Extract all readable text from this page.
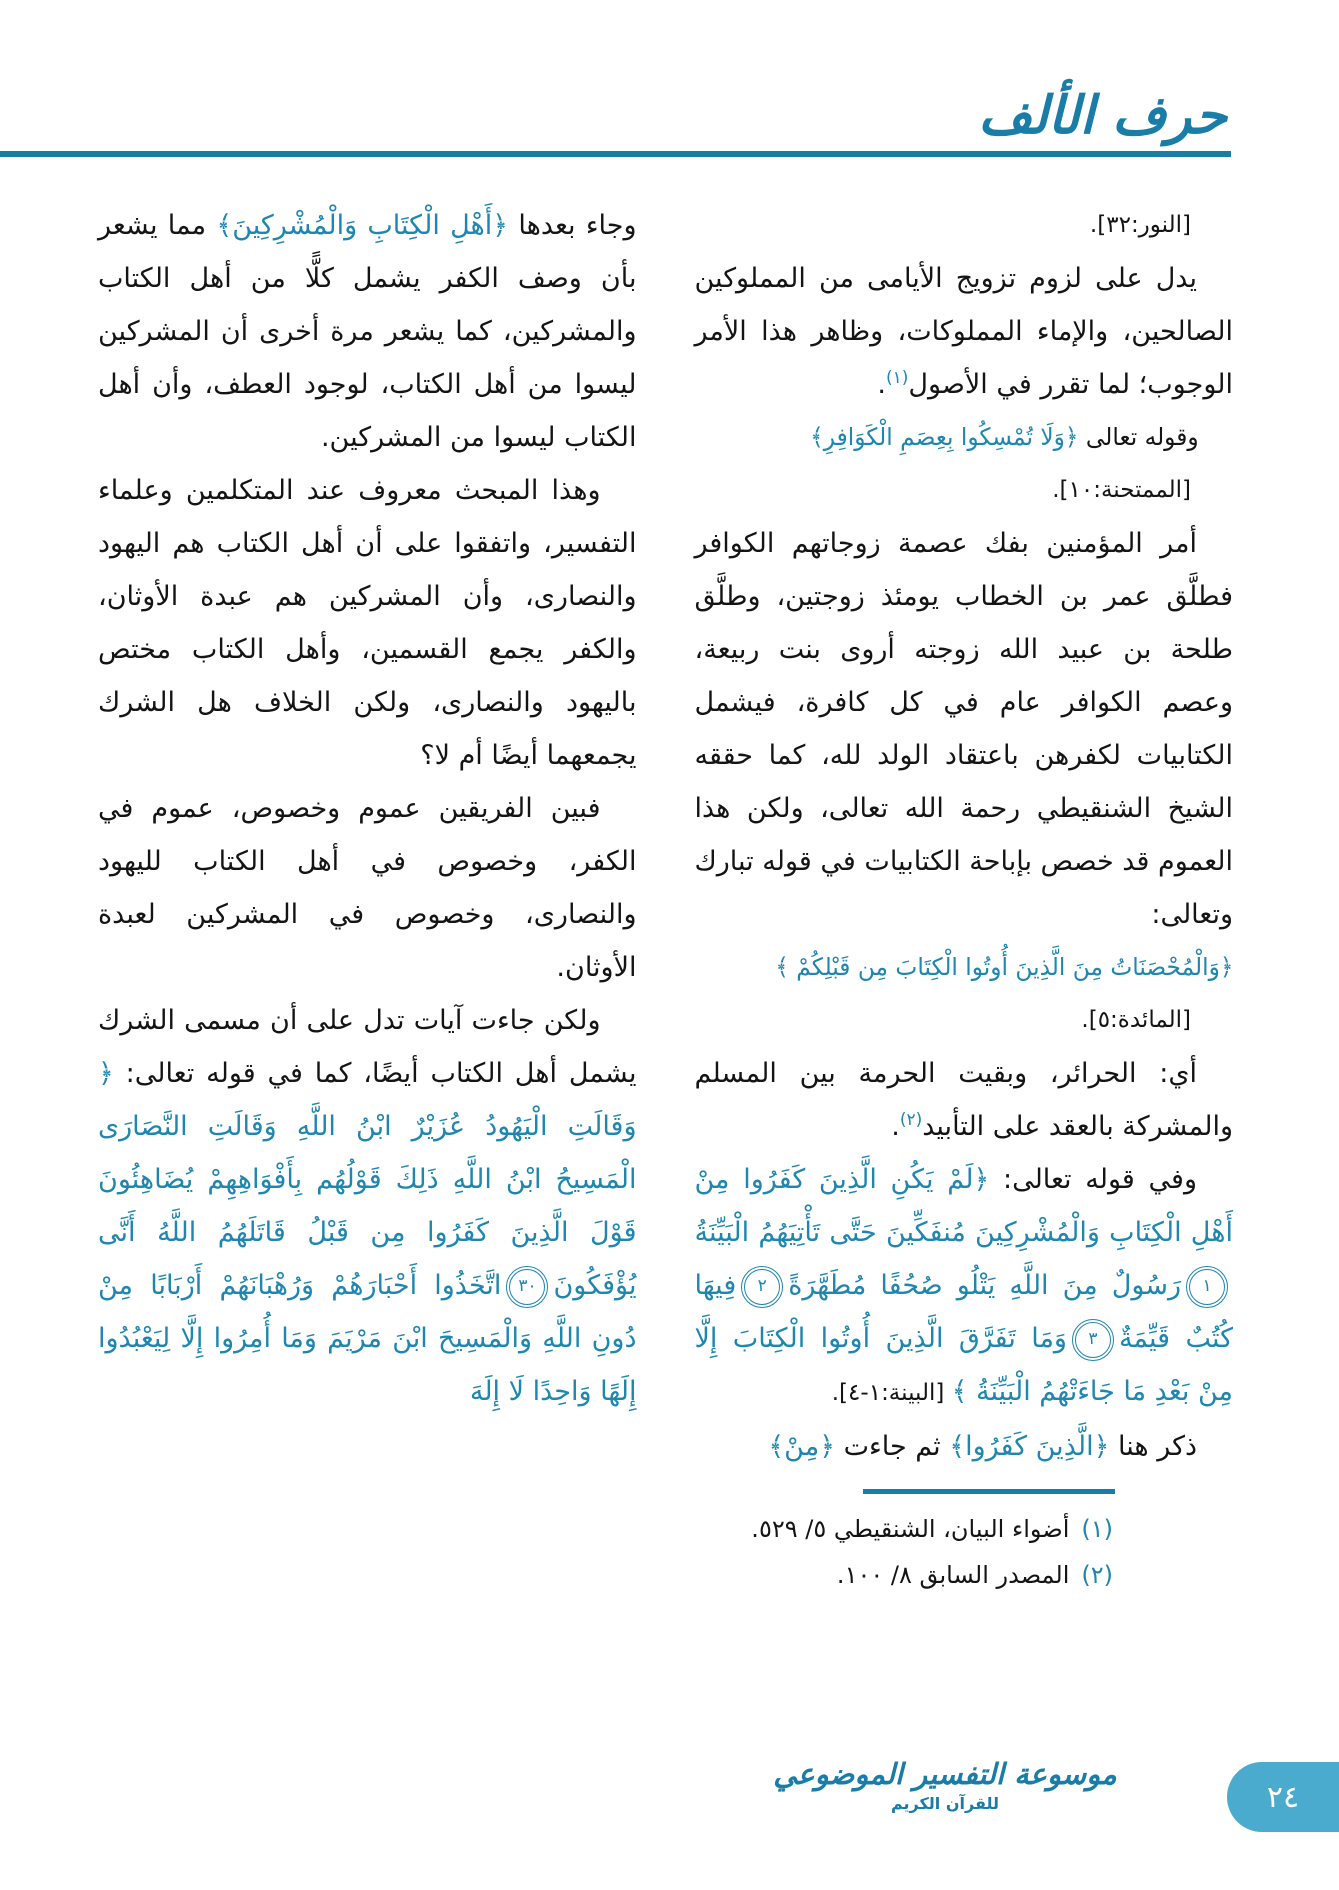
حرف الألف
[النور:٣٢].

يدل على لزوم تزويج الأيامى من المملوكين الصالحين، والإماء المملوكات، وظاهر هذا الأمر الوجوب؛ لما تقرر في الأصول$^{(١)}$.

وقوله تعالى ﴿وَلَا تُمْسِكُوا بِعِصَمِ الْكَوَافِرِ﴾

[الممتحنة:١٠].

أمر المؤمنين بفك عصمة زوجاتهم الكوافر فطلَّق عمر بن الخطاب يومئذ زوجتين، وطلَّق طلحة بن عبيد الله زوجته أروى بنت ربيعة، وعصم الكوافر عام في كل كافرة، فيشمل الكتابيات لكفرهن باعتقاد الولد لله، كما حققه الشيخ الشنقيطي رحمة الله تعالى، ولكن هذا العموم قد خصص بإباحة الكتابيات في قوله تبارك وتعالى:

﴿وَالْمُحْصَنَاتُ مِنَ الَّذِينَ أُوتُوا الْكِتَابَ مِن قَبْلِكُمْ ﴾
[المائدة:٥].

أي: الحرائر، وبقيت الحرمة بين المسلم والمشركة بالعقد على التأبيد$^{(٢)}$.

وفي قوله تعالى: ﴿لَمْ يَكُنِ الَّذِينَ كَفَرُوا مِنْ أَهْلِ الْكِتَابِ وَالْمُشْرِكِينَ مُنفَكِّينَ حَتَّى تَأْتِيَهُمُ الْبَيِّنَةُ١رَسُولٌ مِنَ اللَّهِ يَتْلُو صُحُفًا مُطَهَّرَةً٢فِيهَا كُتُبٌ قَيِّمَةٌ٣وَمَا تَفَرَّقَ الَّذِينَ أُوتُوا الْكِتَابَ إِلَّا مِنْ بَعْدِ مَا جَاءَتْهُمُ الْبَيِّنَةُ ﴾ [البينة:١-٤].

ذكر هنا ﴿الَّذِينَ كَفَرُوا﴾ ثم جاءت ﴿مِنْ﴾

(١)أضواء البيان، الشنقيطي ٥/ ٥٢٩.
(٢)المصدر السابق ٨/ ١٠٠.

وجاء بعدها ﴿أَهْلِ الْكِتَابِ وَالْمُشْرِكِينَ﴾ مما يشعر بأن وصف الكفر يشمل كلًّا من أهل الكتاب والمشركين، كما يشعر مرة أخرى أن المشركين ليسوا من أهل الكتاب، لوجود العطف، وأن أهل الكتاب ليسوا من المشركين.

وهذا المبحث معروف عند المتكلمين وعلماء التفسير، واتفقوا على أن أهل الكتاب هم اليهود والنصارى، وأن المشركين هم عبدة الأوثان، والكفر يجمع القسمين، وأهل الكتاب مختص باليهود والنصارى، ولكن الخلاف هل الشرك يجمعهما أيضًا أم لا؟

فبين الفريقين عموم وخصوص، عموم في الكفر، وخصوص في أهل الكتاب لليهود والنصارى، وخصوص في المشركين لعبدة الأوثان.

ولكن جاءت آيات تدل على أن مسمى الشرك يشمل أهل الكتاب أيضًا، كما في قوله تعالى: ﴿ وَقَالَتِ الْيَهُودُ عُزَيْرٌ ابْنُ اللَّهِ وَقَالَتِ النَّصَارَى الْمَسِيحُ ابْنُ اللَّهِ ذَلِكَ قَوْلُهُم بِأَفْوَاهِهِمْ يُضَاهِئُونَ قَوْلَ الَّذِينَ كَفَرُوا مِن قَبْلُ قَاتَلَهُمُ اللَّهُ أَنَّى يُؤْفَكُونَ٣٠اتَّخَذُوا أَحْبَارَهُمْ وَرُهْبَانَهُمْ أَرْبَابًا مِنْ دُونِ اللَّهِ وَالْمَسِيحَ ابْنَ مَرْيَمَ وَمَا أُمِرُوا إِلَّا لِيَعْبُدُوا إِلَهًا وَاحِدًا لَا إِلَهَ

موسوعة التفسير الموضوعي
للقرآن الكريم	٢٤
